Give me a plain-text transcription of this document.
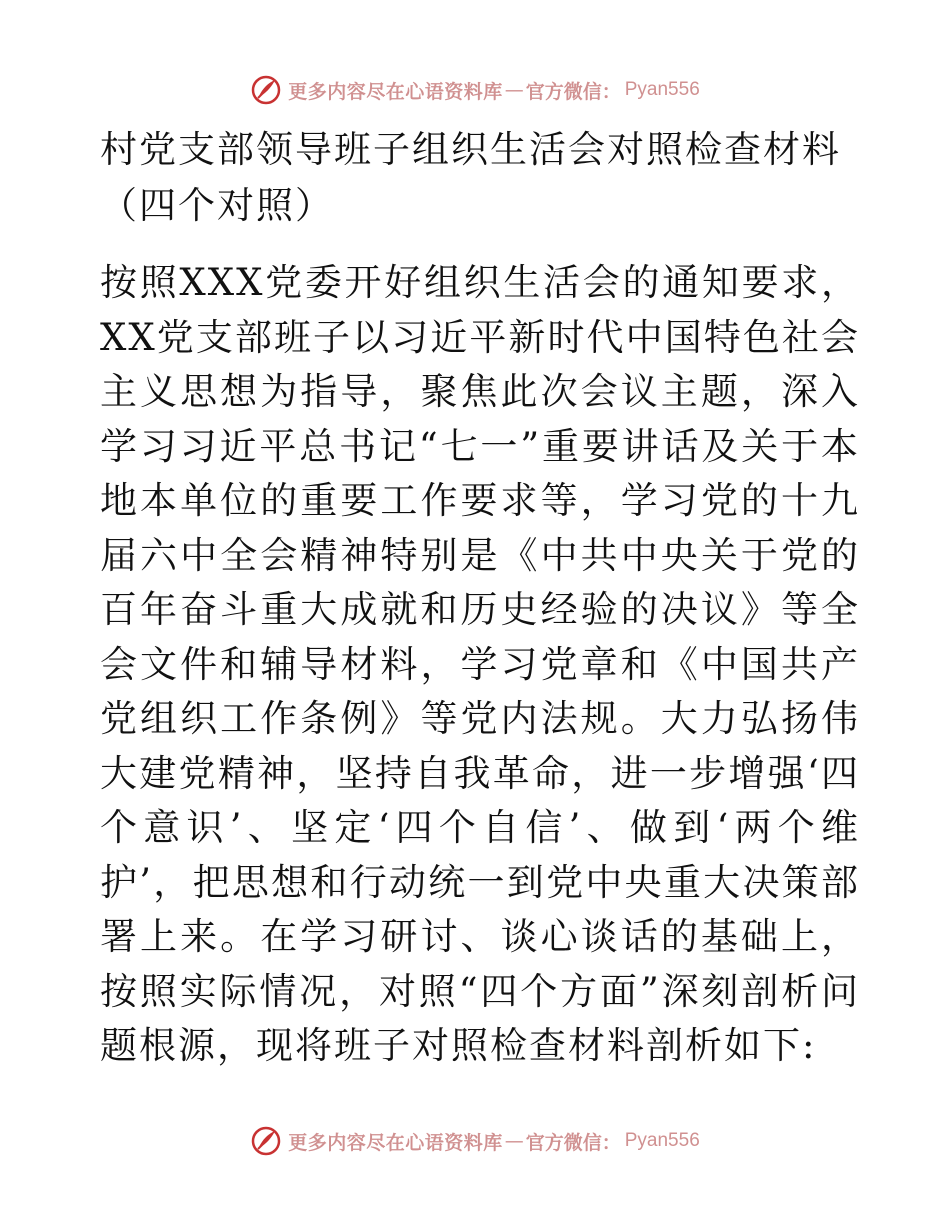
更多内容尽在心语资料库 — 官方微信： Pyan556
村党支部领导班子组织生活会对照检查材料（四个对照）

按照XXX党委开好组织生活会的通知要求，XX党支部班子以习近平新时代中国特色社会主义思想为指导，聚焦此次会议主题，深入学习习近平总书记“七一”重要讲话及关于本地本单位的重要工作要求等，学习党的十九届六中全会精神特别是《中共中央关于党的百年奋斗重大成就和历史经验的决议》等全会文件和辅导材料，学习党章和《中国共产党组织工作条例》等党内法规。大力弘扬伟大建党精神，坚持自我革命，进一步增强‘四个意识’、坚定‘四个自信’、做到‘两个维护’，把思想和行动统一到党中央重大决策部署上来。在学习研讨、谈心谈话的基础上，按照实际情况，对照“四个方面”深刻剖析问题根源，现将班子对照检查材料剖析如下:

更多内容尽在心语资料库 — 官方微信： Pyan556
